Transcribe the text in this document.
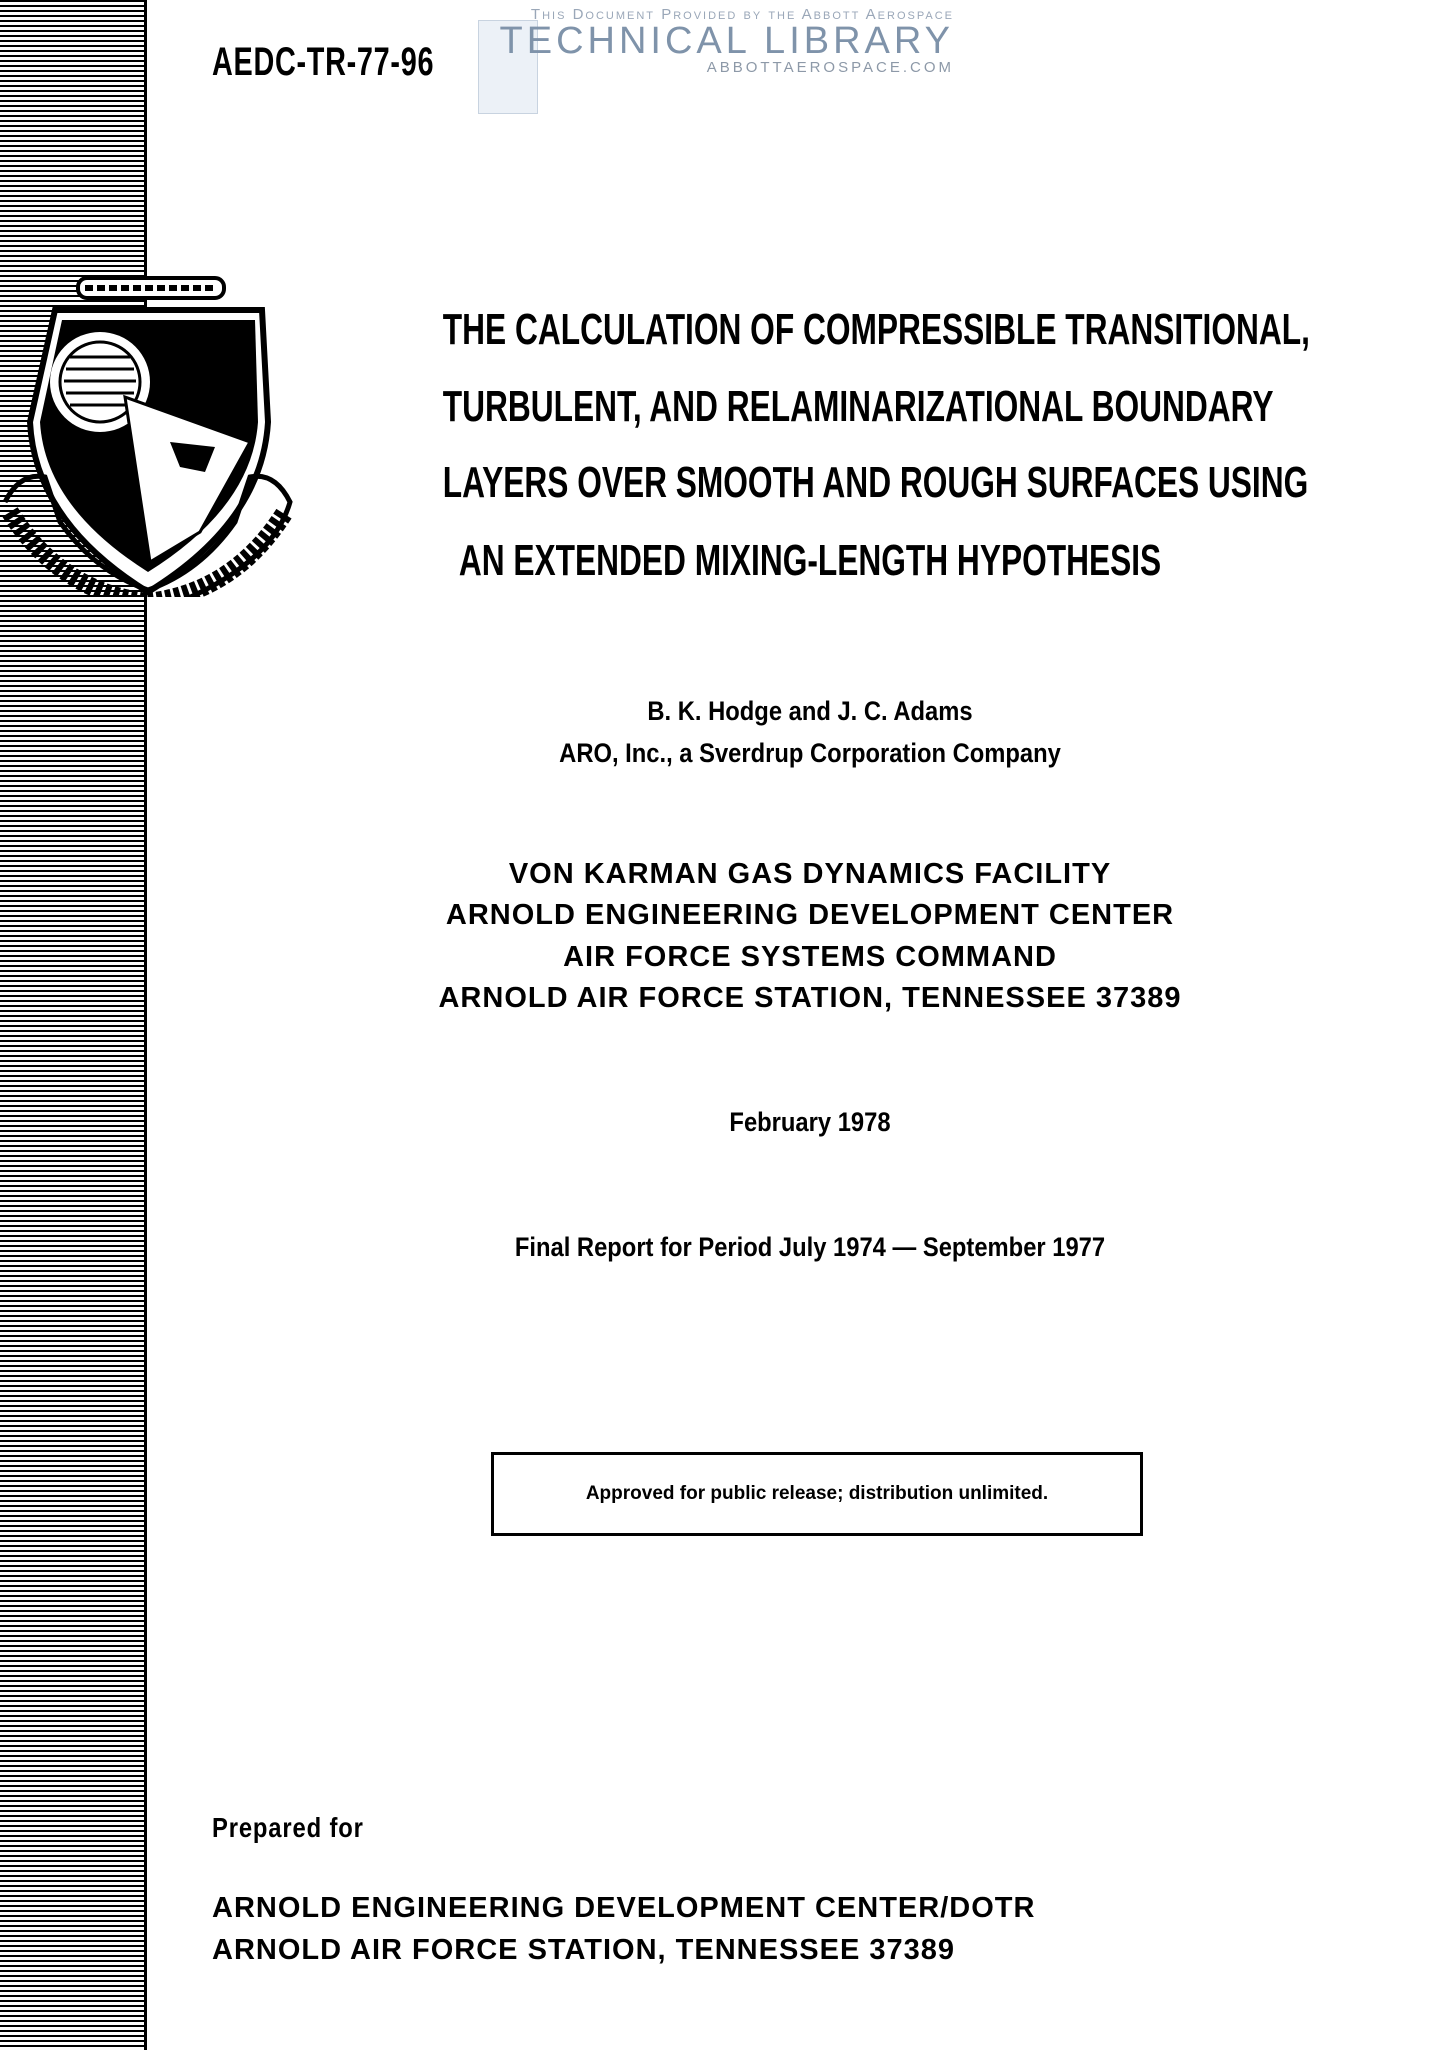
This Document Provided by the Abbott Aerospace
TECHNICAL LIBRARY
ABBOTTAEROSPACE.COM
AEDC-TR-77-96
THE CALCULATION OF COMPRESSIBLE TRANSITIONAL,
TURBULENT, AND RELAMINARIZATIONAL BOUNDARY
LAYERS OVER SMOOTH AND ROUGH SURFACES USING
AN EXTENDED MIXING-LENGTH HYPOTHESIS
B. K. Hodge and J. C. Adams
ARO, Inc., a Sverdrup Corporation Company
VON KARMAN GAS DYNAMICS FACILITY
ARNOLD ENGINEERING DEVELOPMENT CENTER
AIR FORCE SYSTEMS COMMAND
ARNOLD AIR FORCE STATION, TENNESSEE 37389
February 1978
Final Report for Period July 1974 — September 1977
Approved for public release; distribution unlimited.
Prepared for
ARNOLD ENGINEERING DEVELOPMENT CENTER/DOTR
ARNOLD AIR FORCE STATION, TENNESSEE 37389
